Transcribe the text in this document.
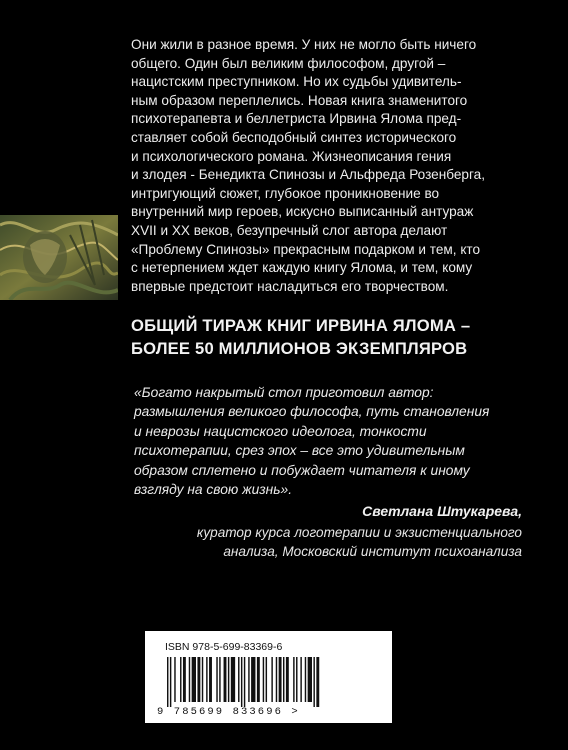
Они жили в разное время. У них не могло быть ничего
общего. Один был великим философом, другой –
нацистским преступником. Но их судьбы удивитель-
ным образом переплелись. Новая книга знаменитого
психотерапевта и беллетриста Ирвина Ялома пред-
ставляет собой бесподобный синтез исторического
и психологического романа. Жизнеописания гения
и злодея - Бенедикта Спинозы и Альфреда Розенберга,
интригующий сюжет, глубокое проникновение во
внутренний мир героев, искусно выписанный антураж
XVII и XX веков, безупречный слог автора делают
«Проблему Спинозы» прекрасным подарком и тем, кто
с нетерпением ждет каждую книгу Ялома, и тем, кому
впервые предстоит насладиться его творчеством.
ОБЩИЙ ТИРАЖ КНИГ ИРВИНА ЯЛОМА –
БОЛЕЕ 50 МИЛЛИОНОВ ЭКЗЕМПЛЯРОВ
«Богато накрытый стол приготовил автор:
размышления великого философа, путь становления
и неврозы нацистского идеолога, тонкости
психотерапии, срез эпох – все это удивительным
образом сплетено и побуждает читателя к иному
взгляду на свою жизнь».
Светлана Штукарева,
куратор курса логотерапии и экзистенциального
анализа, Московский институт психоанализа
ISBN 978-5-699-83369-6
9 785699 833696 >
